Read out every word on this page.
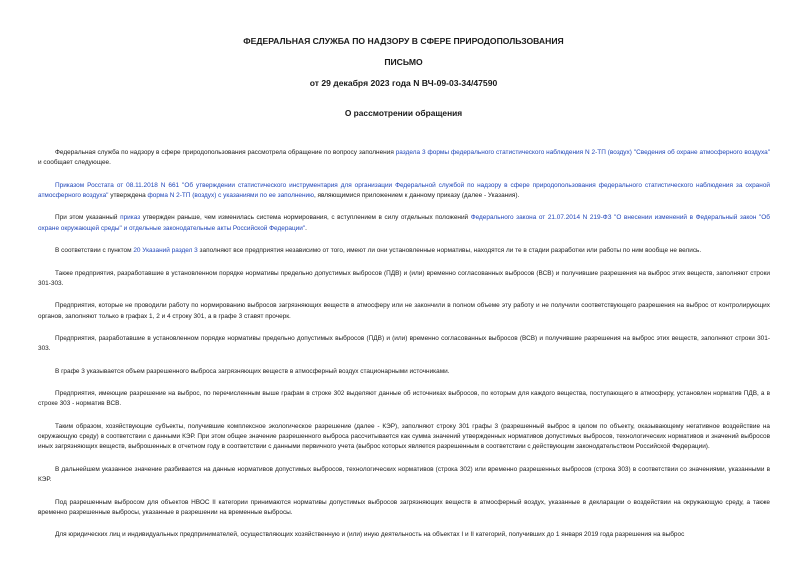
ФЕДЕРАЛЬНАЯ СЛУЖБА ПО НАДЗОРУ В СФЕРЕ ПРИРОДОПОЛЬЗОВАНИЯ
ПИСЬМО
от 29 декабря 2023 года N ВЧ-09-03-34/47590
О рассмотрении обращения

Федеральная служба по надзору в сфере природопользования рассмотрела обращение по вопросу заполнения раздела 3 формы федерального статистического наблюдения N 2-ТП (воздух) "Сведения об охране атмосферного воздуха" и сообщает следующее.

Приказом Росстата от 08.11.2018 N 661 "Об утверждении статистического инструментария для организации Федеральной службой по надзору в сфере природопользования федерального статистического наблюдения за охраной атмосферного воздуха" утверждена форма N 2-ТП (воздух) с указаниями по ее заполнению, являющимися приложением к данному приказу (далее - Указания).

При этом указанный приказ утвержден раньше, чем изменилась система нормирования, с вступлением в силу отдельных положений Федерального закона от 21.07.2014 N 219-ФЗ "О внесении изменений в Федеральный закон "Об охране окружающей среды" и отдельные законодательные акты Российской Федерации".

В соответствии с пунктом 20 Указаний раздел 3 заполняют все предприятия независимо от того, имеют ли они установленные нормативы, находятся ли те в стадии разработки или работы по ним вообще не велись.

Также предприятия, разработавшие в установленном порядке нормативы предельно допустимых выбросов (ПДВ) и (или) временно согласованных выбросов (ВСВ) и получившие разрешения на выброс этих веществ, заполняют строки 301-303.

Предприятия, которые не проводили работу по нормированию выбросов загрязняющих веществ в атмосферу или не закончили в полном объеме эту работу и не получили соответствующего разрешения на выброс от контролирующих органов, заполняют только в графах 1, 2 и 4 строку 301, а в графе 3 ставят прочерк.

Предприятия, разработавшие в установленном порядке нормативы предельно допустимых выбросов (ПДВ) и (или) временно согласованных выбросов (ВСВ) и получившие разрешения на выброс этих веществ, заполняют строки 301-303.

В графе 3 указывается объем разрешенного выброса загрязняющих веществ в атмосферный воздух стационарными источниками.

Предприятия, имеющие разрешение на выброс, по перечисленным выше графам в строке 302 выделяют данные об источниках выбросов, по которым для каждого вещества, поступающего в атмосферу, установлен норматив ПДВ, а в строке 303 - норматив ВСВ.

Таким образом, хозяйствующие субъекты, получившие комплексное экологическое разрешение (далее - КЭР), заполняют строку 301 графы 3 (разрешенный выброс в целом по объекту, оказывающему негативное воздействие на окружающую среду) в соответствии с данными КЭР. При этом общее значение разрешенного выброса рассчитывается как сумма значений утвержденных нормативов допустимых выбросов, технологических нормативов и значений выбросов иных загрязняющих веществ, выброшенных в отчетном году в соответствии с данными первичного учета (выброс которых является разрешенным в соответствии с действующим законодательством Российской Федерации).

В дальнейшем указанное значение разбивается на данные нормативов допустимых выбросов, технологических нормативов (строка 302) или временно разрешенных выбросов (строка 303) в соответствии со значениями, указанными в КЭР.

Под разрешенным выбросом для объектов НВОС II категории принимаются нормативы допустимых выбросов загрязняющих веществ в атмосферный воздух, указанные в декларации о воздействии на окружающую среду, а также временно разрешенные выбросы, указанные в разрешении на временные выбросы.

Для юридических лиц и индивидуальных предпринимателей, осуществляющих хозяйственную и (или) иную деятельность на объектах I и II категорий, получивших до 1 января 2019 года разрешения на выброс
